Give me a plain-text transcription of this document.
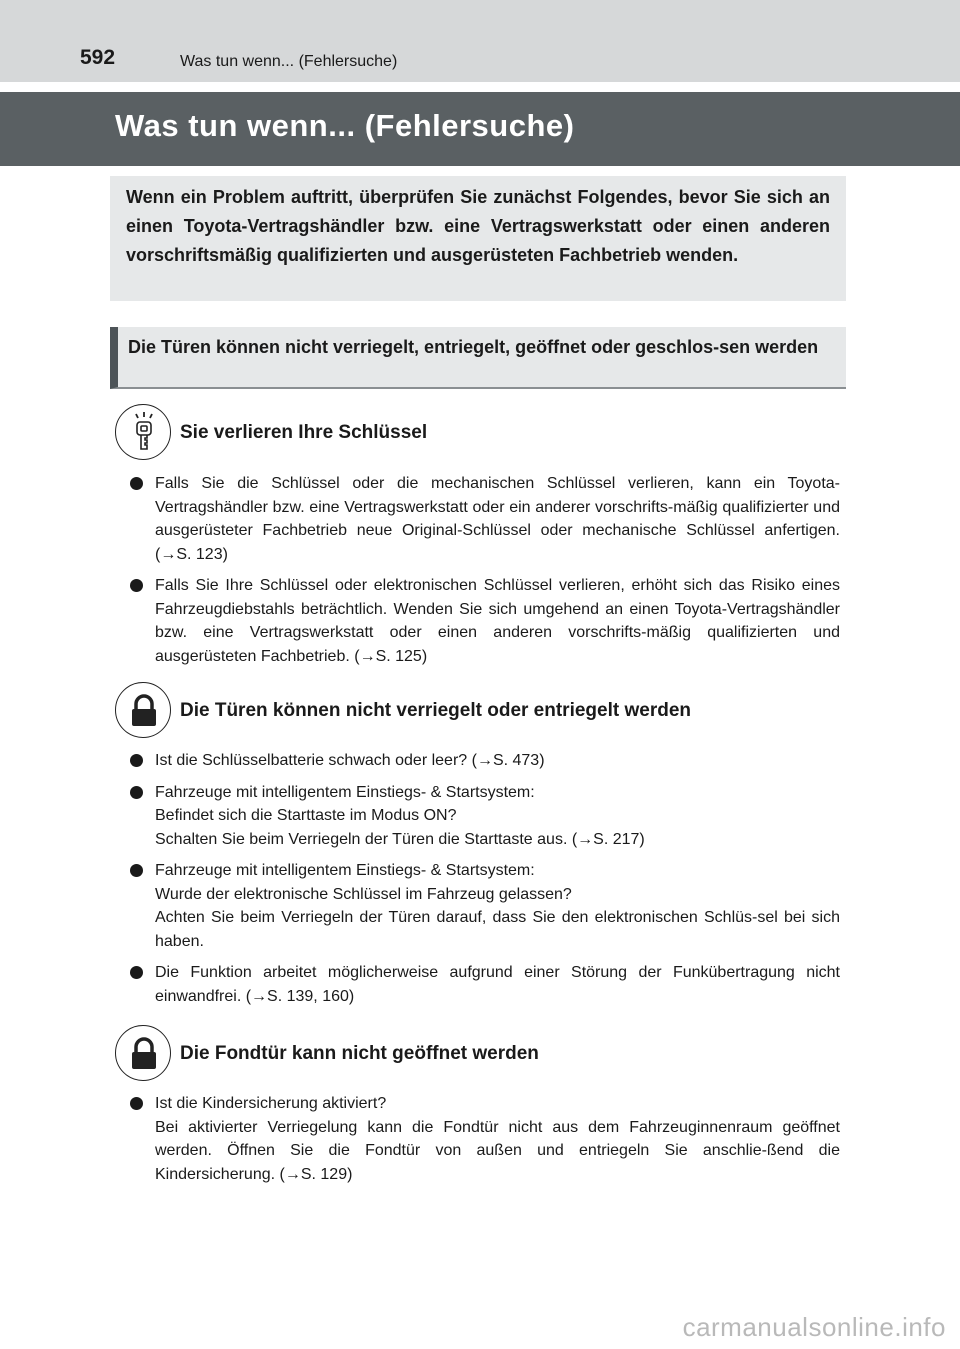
592	Was tun wenn... (Fehlersuche)
Was tun wenn... (Fehlersuche)

Wenn ein Problem auftritt, überprüfen Sie zunächst Folgendes, bevor Sie sich an einen Toyota-Vertragshändler bzw. eine Vertragswerkstatt oder einen anderen vorschriftsmäßig qualifizierten und ausgerüsteten Fachbetrieb wenden.

Die Türen können nicht verriegelt, entriegelt, geöffnet oder geschlos-sen werden
Sie verlieren Ihre Schlüssel
Falls Sie die Schlüssel oder die mechanischen Schlüssel verlieren, kann ein Toyota-Vertragshändler bzw. eine Vertragswerkstatt oder ein anderer vorschrifts-mäßig qualifizierter und ausgerüsteter Fachbetrieb neue Original-Schlüssel oder mechanische Schlüssel anfertigen. (→S. 123)
Falls Sie Ihre Schlüssel oder elektronischen Schlüssel verlieren, erhöht sich das Risiko eines Fahrzeugdiebstahls beträchtlich. Wenden Sie sich umgehend an einen Toyota-Vertragshändler bzw. eine Vertragswerkstatt oder einen anderen vorschrifts-mäßig qualifizierten und ausgerüsteten Fachbetrieb. (→S. 125)
Die Türen können nicht verriegelt oder entriegelt werden
Ist die Schlüsselbatterie schwach oder leer? (→S. 473)
Fahrzeuge mit intelligentem Einstiegs- & Startsystem:
Befindet sich die Starttaste im Modus ON?
Schalten Sie beim Verriegeln der Türen die Starttaste aus. (→S. 217)
Fahrzeuge mit intelligentem Einstiegs- & Startsystem:
Wurde der elektronische Schlüssel im Fahrzeug gelassen?
Achten Sie beim Verriegeln der Türen darauf, dass Sie den elektronischen Schlüs-sel bei sich haben.
Die Funktion arbeitet möglicherweise aufgrund einer Störung der Funkübertragung nicht einwandfrei. (→S. 139, 160)
Die Fondtür kann nicht geöffnet werden
Ist die Kindersicherung aktiviert?
Bei aktivierter Verriegelung kann die Fondtür nicht aus dem Fahrzeuginnenraum geöffnet werden. Öffnen Sie die Fondtür von außen und entriegeln Sie anschlie-ßend die Kindersicherung. (→S. 129)
carmanualsonline.info
